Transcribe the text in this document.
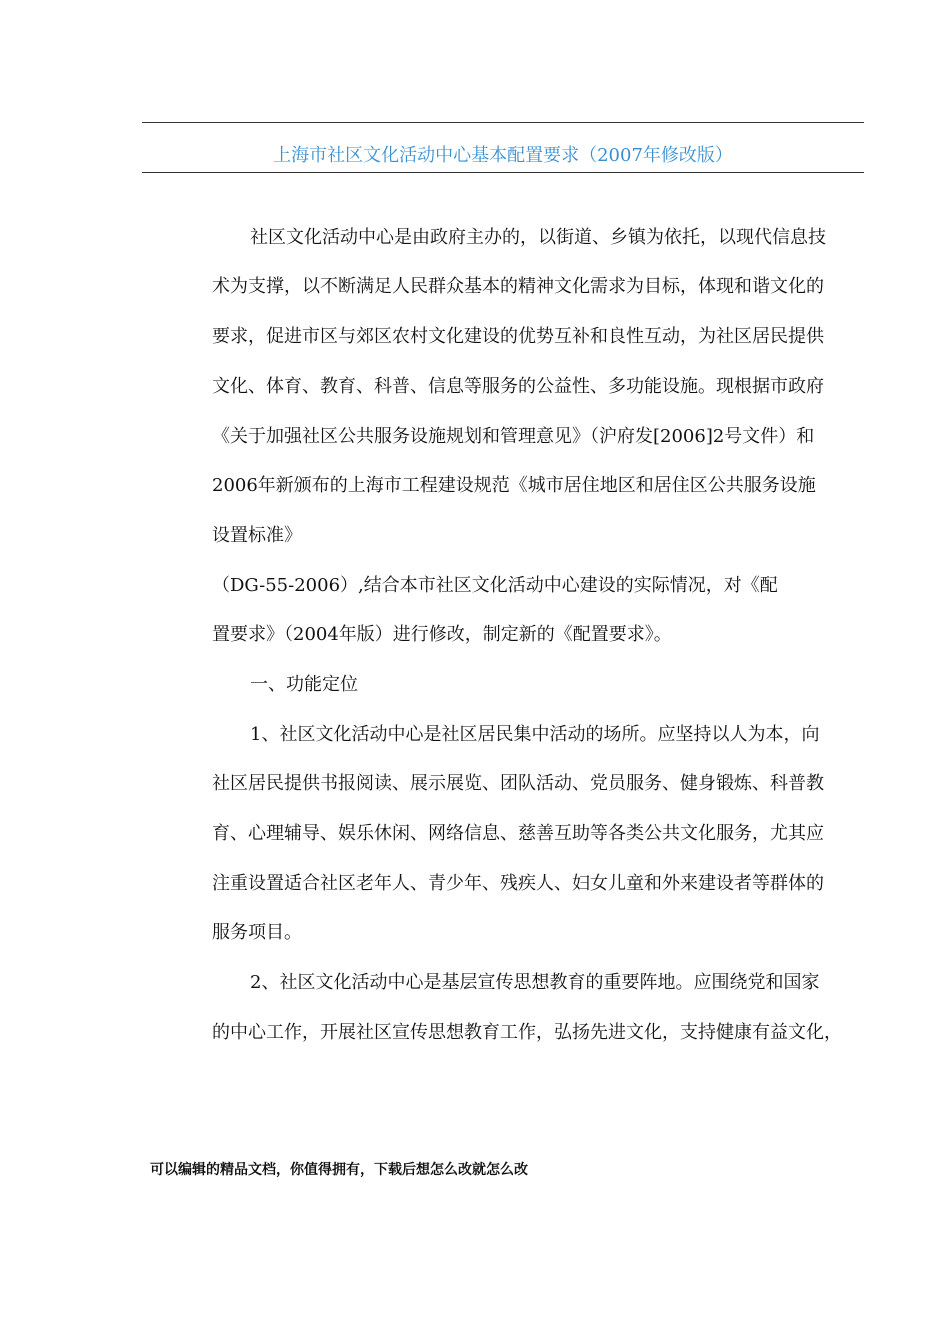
上海市社区文化活动中心基本配置要求（2007年修改版）
社区文化活动中心是由政府主办的，以街道、乡镇为依托，以现代信息技
术为支撑，以不断满足人民群众基本的精神文化需求为目标，体现和谐文化的
要求，促进市区与郊区农村文化建设的优势互补和良性互动，为社区居民提供
文化、体育、教育、科普、信息等服务的公益性、多功能设施。现根据市政府
《关于加强社区公共服务设施规划和管理意见》（沪府发[2006]2号文件）和
2006年新颁布的上海市工程建设规范《城市居住地区和居住区公共服务设施
设置标准》
（DG-55-2006）,结合本市社区文化活动中心建设的实际情况，对《配
置要求》（2004年版）进行修改，制定新的《配置要求》。
一、功能定位
1、社区文化活动中心是社区居民集中活动的场所。应坚持以人为本，向
社区居民提供书报阅读、展示展览、团队活动、党员服务、健身锻炼、科普教
育、心理辅导、娱乐休闲、网络信息、慈善互助等各类公共文化服务，尤其应
注重设置适合社区老年人、青少年、残疾人、妇女儿童和外来建设者等群体的
服务项目。
2、社区文化活动中心是基层宣传思想教育的重要阵地。应围绕党和国家
的中心工作，开展社区宣传思想教育工作，弘扬先进文化，支持健康有益文化，
可以编辑的精品文档，你值得拥有，下载后想怎么改就怎么改
